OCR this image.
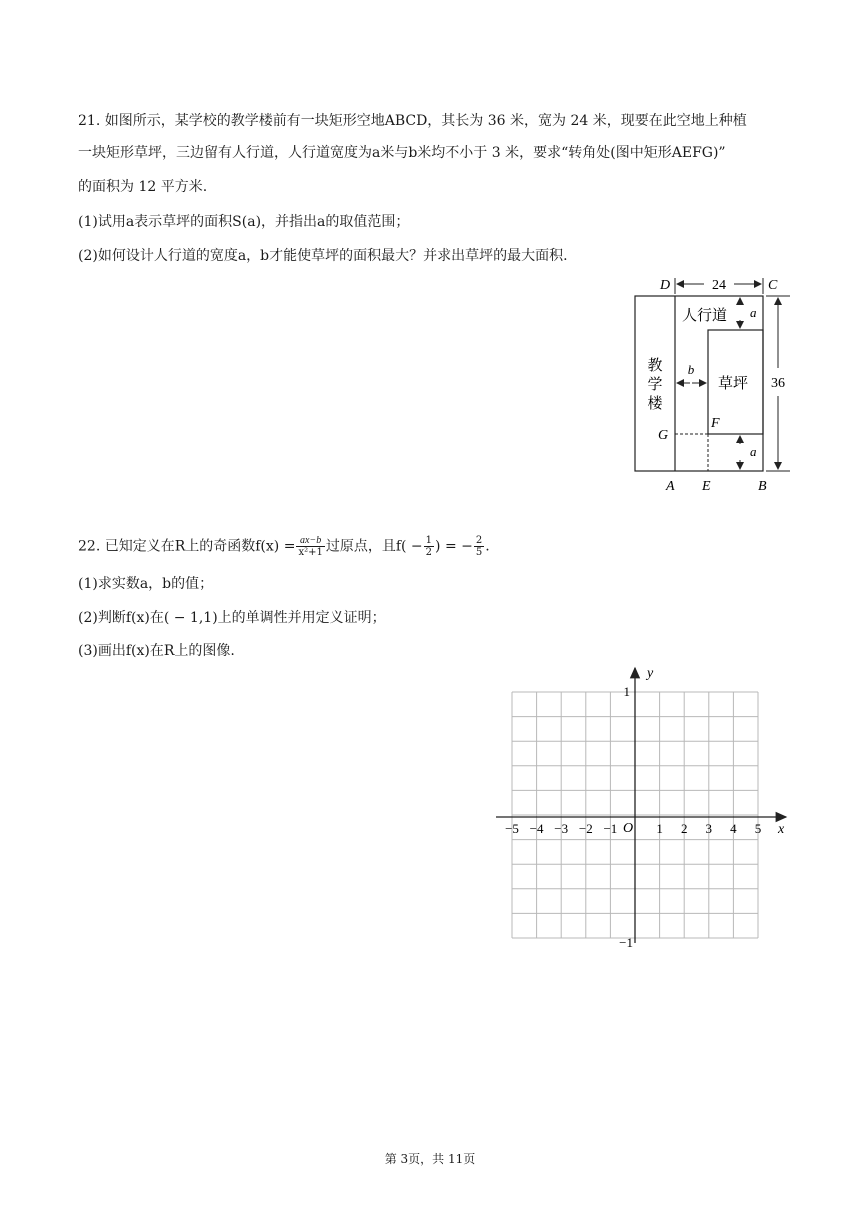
21. 如图所示，某学校的教学楼前有一块矩形空地ABCD，其长为 36 米，宽为 24 米，现要在此空地上种植
一块矩形草坪，三边留有人行道，人行道宽度为a米与b米均不小于 3 米，要求“转角处(图中矩形AEFG)”
的面积为 12 平方米.
(1)试用a表示草坪的面积S(a)，并指出a的取值范围；
(2)如何设计人行道的宽度a，b才能使草坪的面积最大？并求出草坪的最大面积.
24
36
a
a
b
D	C
A E	B
G
F
人行道
草坪
教
学
楼
22. 已知定义在R上的奇函数$f(x) = \frac{ax-b}{\text{x²+1}}$ 过原点，且$f( - \frac{1}{2}$ ) = − $\frac{2}{5}$ .
(1)求实数a，b的值；
(2)判断f(x)在( − 1,1)上的单调性并用定义证明；
(3)画出f(x)在R上的图像.
x
y
O
1
−1
−5 −4 −3 −2 −1	1 2 3 4 5
第 3页，共 11页
